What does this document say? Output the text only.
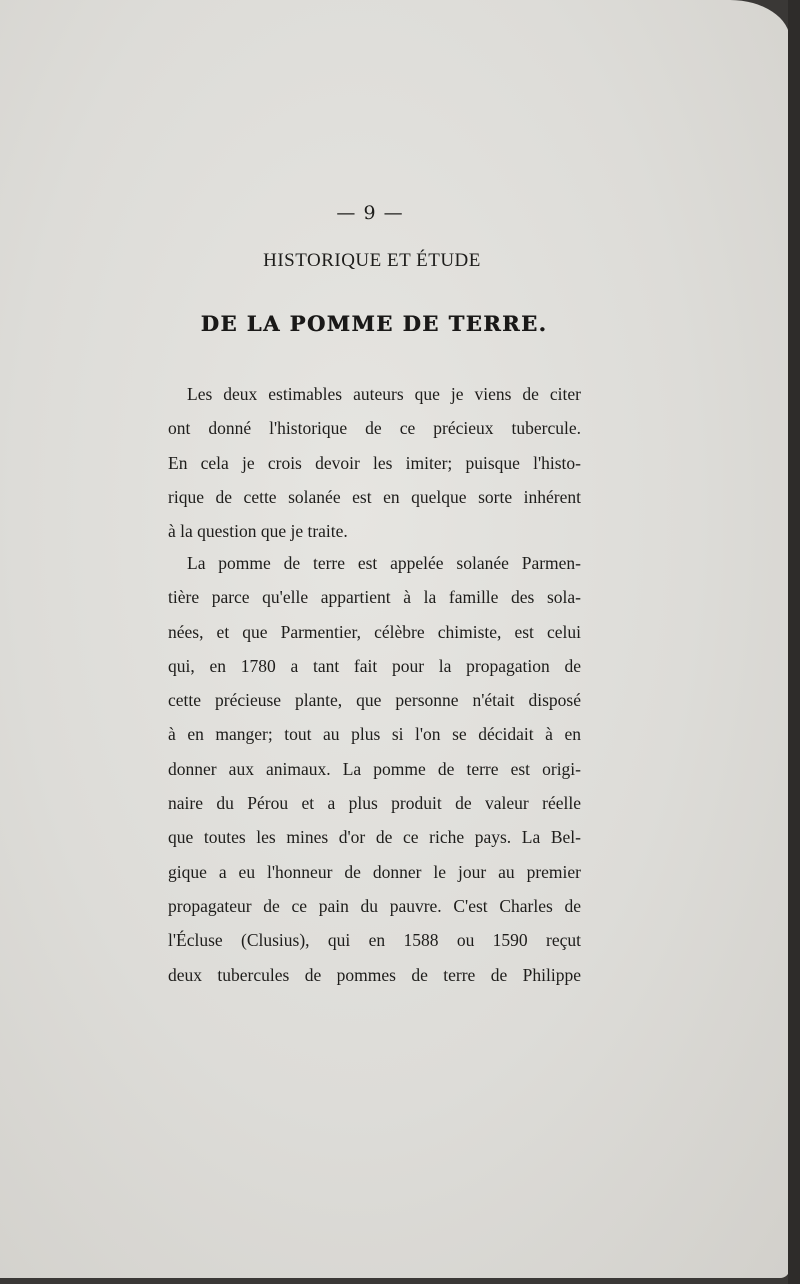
— 9 —
HISTORIQUE ET ÉTUDE
DE LA POMME DE TERRE.
Les deux estimables auteurs que je viens de citer
ont donné l'historique de ce précieux tubercule.
En cela je crois devoir les imiter; puisque l'histo-
rique de cette solanée est en quelque sorte inhérent
à la question que je traite.
La pomme de terre est appelée solanée Parmen-
tière parce qu'elle appartient à la famille des sola-
nées, et que Parmentier, célèbre chimiste, est celui
qui, en 1780 a tant fait pour la propagation de
cette précieuse plante, que personne n'était disposé
à en manger; tout au plus si l'on se décidait à en
donner aux animaux. La pomme de terre est origi-
naire du Pérou et a plus produit de valeur réelle
que toutes les mines d'or de ce riche pays. La Bel-
gique a eu l'honneur de donner le jour au premier
propagateur de ce pain du pauvre. C'est Charles de
l'Écluse (Clusius), qui en 1588 ou 1590 reçut
deux tubercules de pommes de terre de Philippe
